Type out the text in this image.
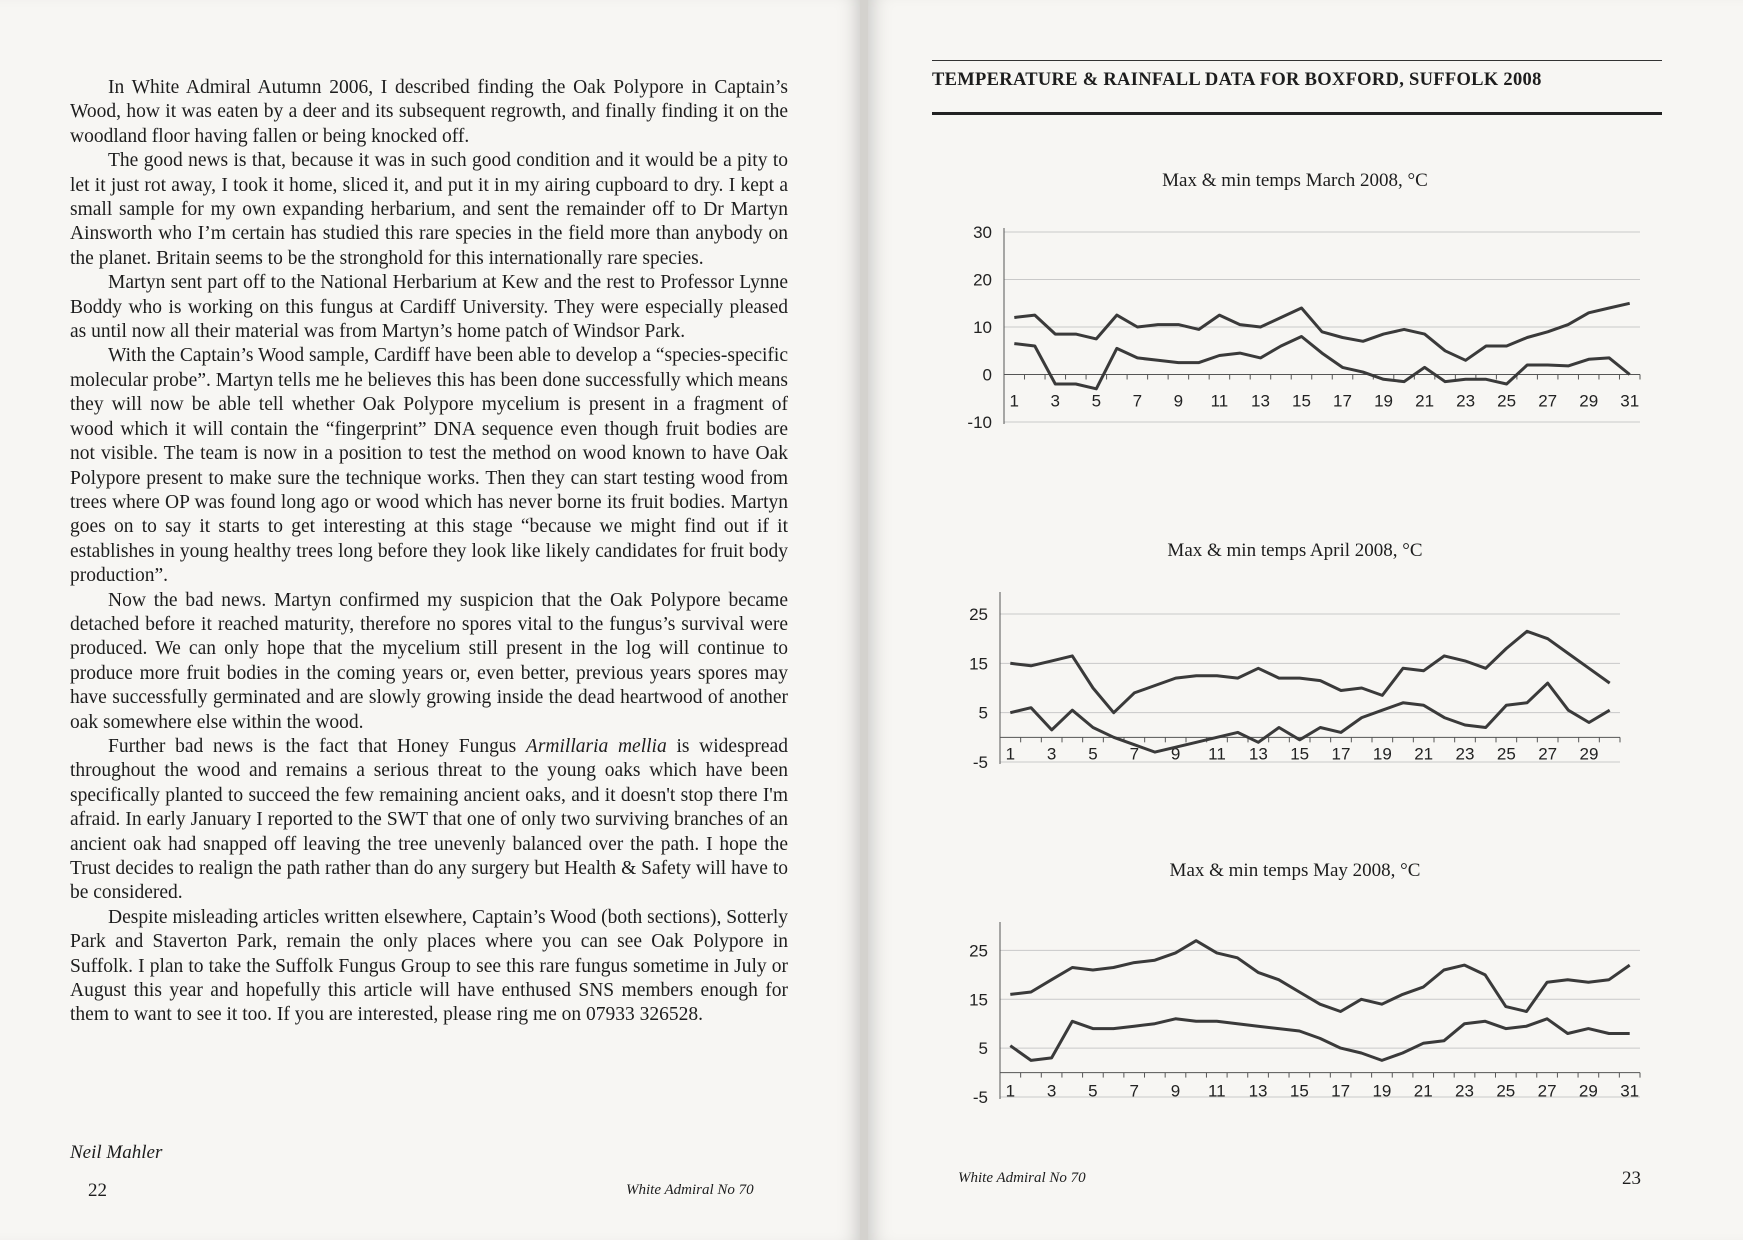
In White Admiral Autumn 2006, I described finding the Oak Polypore in Captain’s Wood, how it was eaten by a deer and its subsequent regrowth, and finally finding it on the woodland floor having fallen or being knocked off.

The good news is that, because it was in such good condition and it would be a pity to let it just rot away, I took it home, sliced it, and put it in my airing cupboard to dry. I kept a small sample for my own expanding herbarium, and sent the remainder off to Dr Martyn Ainsworth who I’m certain has studied this rare species in the field more than anybody on the planet. Britain seems to be the stronghold for this internationally rare species.

Martyn sent part off to the National Herbarium at Kew and the rest to Professor Lynne Boddy who is working on this fungus at Cardiff University. They were especially pleased as until now all their material was from Martyn’s home patch of Windsor Park.

With the Captain’s Wood sample, Cardiff have been able to develop a “species-specific molecular probe”. Martyn tells me he believes this has been done successfully which means they will now be able tell whether Oak Polypore mycelium is present in a fragment of wood which it will contain the “fingerprint” DNA sequence even though fruit bodies are not visible. The team is now in a position to test the method on wood known to have Oak Polypore present to make sure the technique works. Then they can start testing wood from trees where OP was found long ago or wood which has never borne its fruit bodies. Martyn goes on to say it starts to get interesting at this stage “because we might find out if it establishes in young healthy trees long before they look like likely candidates for fruit body production”.

Now the bad news. Martyn confirmed my suspicion that the Oak Polypore became detached before it reached maturity, therefore no spores vital to the fungus’s survival were produced. We can only hope that the mycelium still present in the log will continue to produce more fruit bodies in the coming years or, even better, previous years spores may have successfully germinated and are slowly growing inside the dead heartwood of another oak somewhere else within the wood.

Further bad news is the fact that Honey Fungus Armillaria mellia is widespread throughout the wood and remains a serious threat to the young oaks which have been specifically planted to succeed the few remaining ancient oaks, and it doesn't stop there I'm afraid. In early January I reported to the SWT that one of only two surviving branches of an ancient oak had snapped off leaving the tree unevenly balanced over the path. I hope the Trust decides to realign the path rather than do any surgery but Health & Safety will have to be considered.

Despite misleading articles written elsewhere, Captain’s Wood (both sections), Sotterly Park and Staverton Park, remain the only places where you can see Oak Polypore in Suffolk. I plan to take the Suffolk Fungus Group to see this rare fungus sometime in July or August this year and hopefully this article will have enthused SNS members enough for them to want to see it too. If you are interested, please ring me on 07933 326528.

Neil Mahler
22	White Admiral No 70
TEMPERATURE & RAINFALL DATA FOR BOXFORD, SUFFOLK 2008
Max & min temps March 2008, °C
-10
0
10
20
30
1 3 5 7 9 11 13 15 17 19 21 23 25 27 29 31
Max & min temps April 2008, °C
-5
5
15
25
1 3 5 7 9 11 13 15 17 19 21 23 25 27 29
Max & min temps May 2008, °C
-5
5
15
25
1 3 5 7 9 11 13 15 17 19 21 23 25 27 29 31
White Admiral No 70	23
